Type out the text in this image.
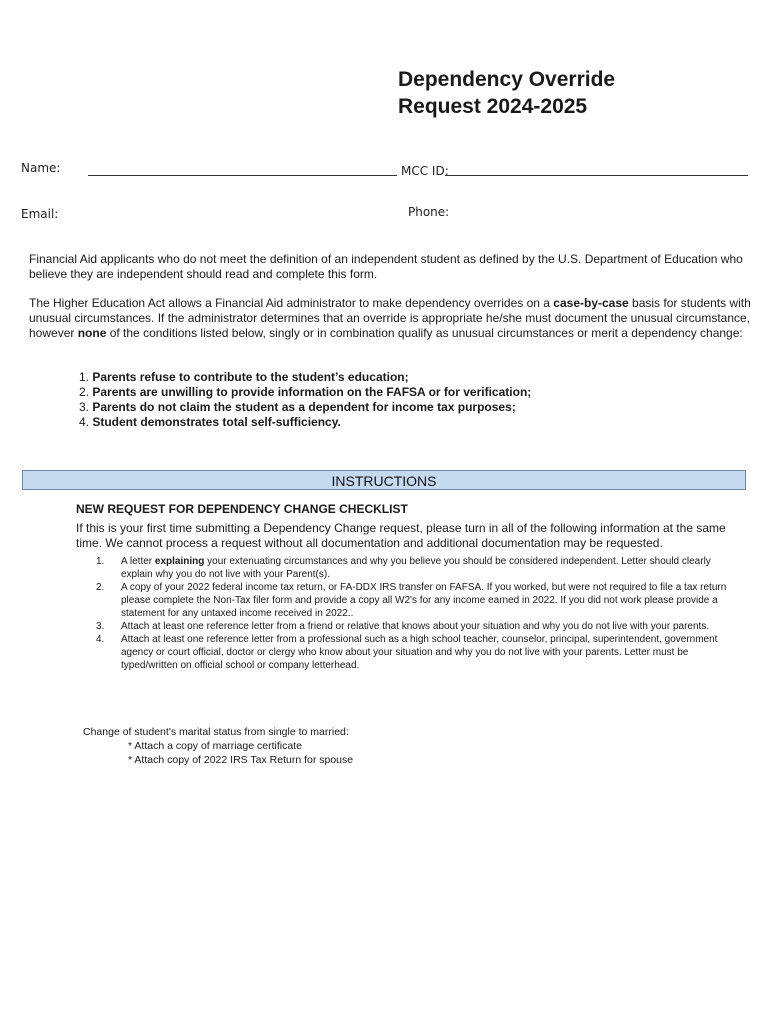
Dependency Override
Request 2024-2025
Name:	MCC ID:
Email:	Phone:
Financial Aid applicants who do not meet the definition of an independent student as defined by the U.S. Department of Education who believe they are independent should read and complete this form.
The Higher Education Act allows a Financial Aid administrator to make dependency overrides on a case-by-case basis for students with unusual circumstances. If the administrator determines that an override is appropriate he/she must document the unusual circumstance, however none of the conditions listed below, singly or in combination qualify as unusual circumstances or merit a dependency change:
1.
Parents refuse to contribute to the student’s education;
2.
Parents are unwilling to provide information on the FAFSA or for verification;
3.
Parents do not claim the student as a dependent for income tax purposes;
4.
Student demonstrates total self-sufficiency.
INSTRUCTIONS
NEW REQUEST FOR DEPENDENCY CHANGE CHECKLIST
If this is your first time submitting a Dependency Change request, please turn in all of the following information at the same time. We cannot process a request without all documentation and additional documentation may be requested.
1.	A letter explaining your extenuating circumstances and why you believe you should be considered independent. Letter should clearly explain why you do not live with your Parent(s).
2.	A copy of your 2022 federal income tax return, or FA-DDX IRS transfer on FAFSA. If you worked, but were not required to file a tax return please complete the Non-Tax filer form and provide a copy all W2's for any income earned in 2022. If you did not work please provide a statement for any untaxed income received in 2022..
3.	Attach at least one reference letter from a friend or relative that knows about your situation and why you do not live with your parents.
4.	Attach at least one reference letter from a professional such as a high school teacher, counselor, principal, superintendent, government agency or court official, doctor or clergy who know about your situation and why you do not live with your parents. Letter must be typed/written on official school or company letterhead.
Change of student's marital status from single to married:
* Attach a copy of marriage certificate
* Attach copy of 2022 IRS Tax Return for spouse
